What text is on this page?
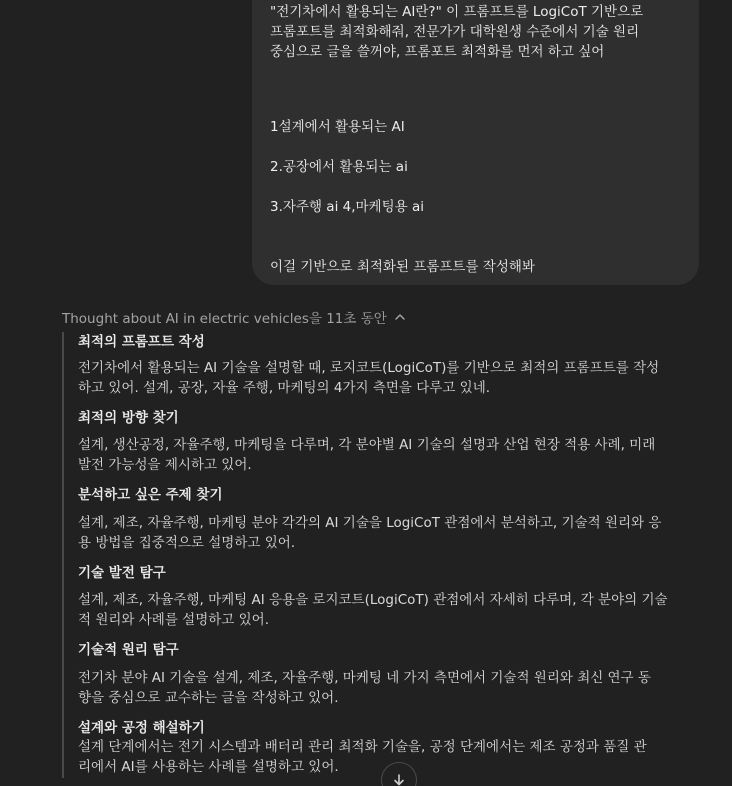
"전기차에서 활용되는 AI란?" 이 프롬프트를 LogiCoT 기반으로
프롬포트를 최적화해줘, 전문가가 대학원생 수준에서 기술 원리
중심으로 글을 쓸꺼야, 프롬포트 최적화를 먼저 하고 싶어
1설계에서 활용되는 AI
2.공장에서 활용되는 ai
3.자주행 ai 4,마케팅용 ai
이걸 기반으로 최적화된 프롬프트를 작성해봐
Thought about AI in electric vehicles을 11초 동안
최적의 프롬프트 작성
전기차에서 활용되는 AI 기술을 설명할 때, 로지코트(LogiCoT)를 기반으로 최적의 프롬프트를 작성
하고 있어. 설계, 공장, 자율 주행, 마케팅의 4가지 측면을 다루고 있네.
최적의 방향 찾기
설계, 생산공정, 자율주행, 마케팅을 다루며, 각 분야별 AI 기술의 설명과 산업 현장 적용 사례, 미래
발전 가능성을 제시하고 있어.
분석하고 싶은 주제 찾기
설계, 제조, 자율주행, 마케팅 분야 각각의 AI 기술을 LogiCoT 관점에서 분석하고, 기술적 원리와 응
용 방법을 집중적으로 설명하고 있어.
기술 발전 탐구
설계, 제조, 자율주행, 마케팅 AI 응용을 로지코트(LogiCoT) 관점에서 자세히 다루며, 각 분야의 기술
적 원리와 사례를 설명하고 있어.
기술적 원리 탐구
전기차 분야 AI 기술을 설계, 제조, 자율주행, 마케팅 네 가지 측면에서 기술적 원리와 최신 연구 동
향을 중심으로 교수하는 글을 작성하고 있어.
설계와 공정 해설하기
설계 단계에서는 전기 시스템과 배터리 관리 최적화 기술을, 공정 단계에서는 제조 공정과 품질 관
리에서 AI를 사용하는 사례를 설명하고 있어.
